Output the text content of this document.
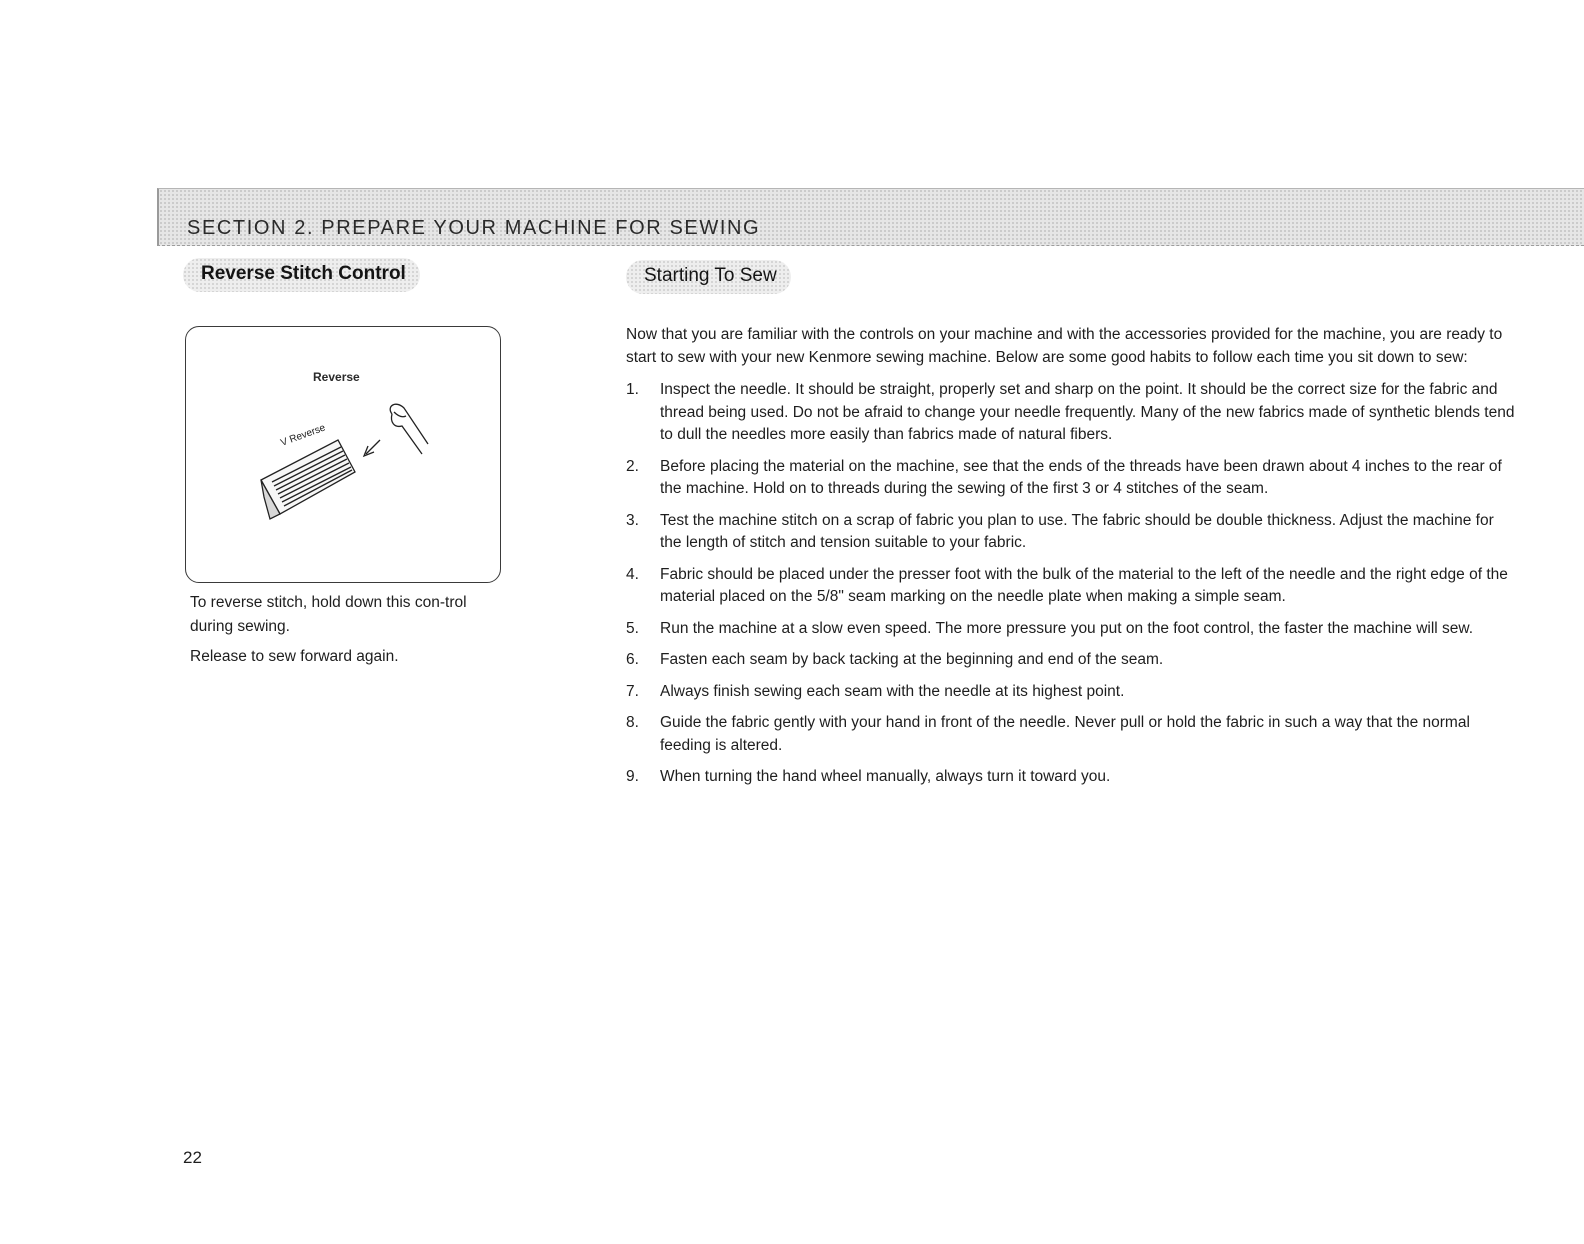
SECTION 2. PREPARE YOUR MACHINE FOR SEWING
Reverse Stitch Control	Starting To Sew
Reverse
V Reverse

To reverse stitch, hold down this con-trol during sewing.

Release to sew forward again.

Now that you are familiar with the controls on your machine and with the accessories provided for the machine, you are ready to start to sew with your new Kenmore sewing machine. Below are some good habits to follow each time you sit down to sew:

1.	Inspect the needle. It should be straight, properly set and sharp on the point. It should be the correct size for the fabric and thread being used. Do not be afraid to change your needle frequently. Many of the new fabrics made of synthetic blends tend to dull the needles more easily than fabrics made of natural fibers.
2.	Before placing the material on the machine, see that the ends of the threads have been drawn about 4 inches to the rear of the machine. Hold on to threads during the sewing of the first 3 or 4 stitches of the seam.
3.	Test the machine stitch on a scrap of fabric you plan to use. The fabric should be double thickness. Adjust the machine for the length of stitch and tension suitable to your fabric.
4.	Fabric should be placed under the presser foot with the bulk of the material to the left of the needle and the right edge of the material placed on the 5/8" seam marking on the needle plate when making a simple seam.
5.	Run the machine at a slow even speed. The more pressure you put on the foot control, the faster the machine will sew.
6.	Fasten each seam by back tacking at the beginning and end of the seam.
7.	Always finish sewing each seam with the needle at its highest point.
8.	Guide the fabric gently with your hand in front of the needle. Never pull or hold the fabric in such a way that the normal feeding is altered.
9.	When turning the hand wheel manually, always turn it toward you.
22
